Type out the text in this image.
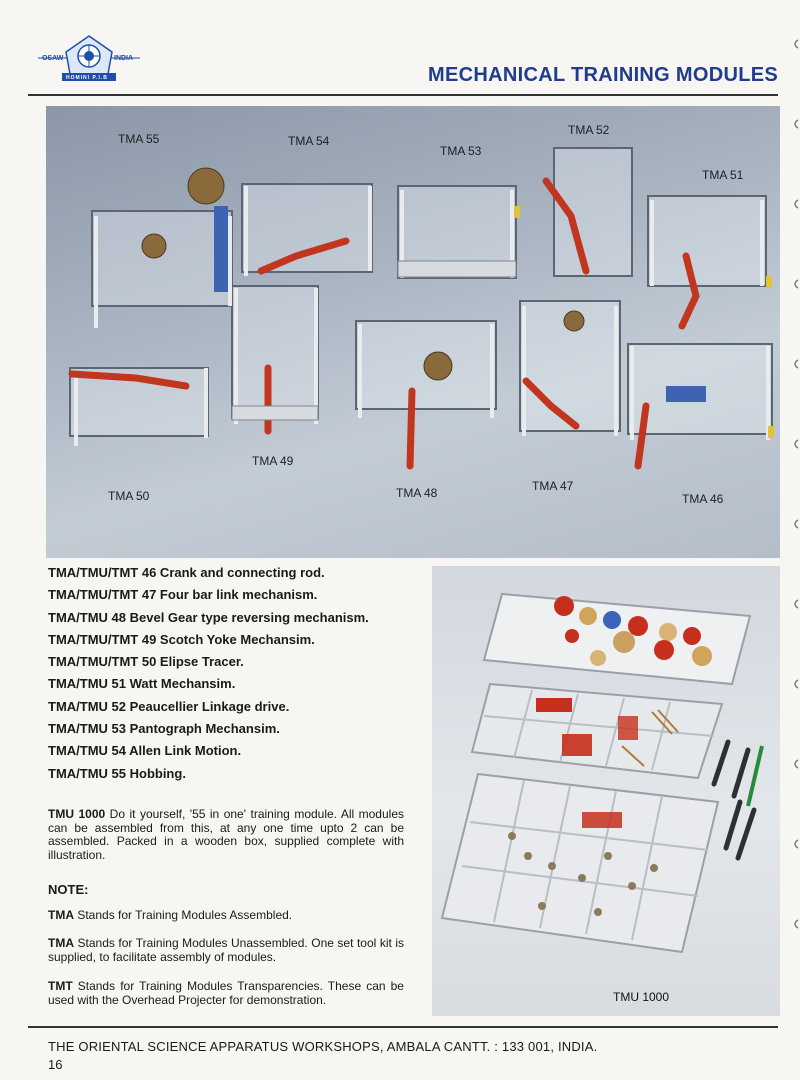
OSAW	INDIA
HOMINI P.I.B	MECHANICAL TRAINING MODULES
TMA 55	TMA 54
TMA 53
TMA 52
TMA 51
TMA 50
TMA 49
TMA 48	TMA 47
TMA 46
TMA/TMU/TMT 46 Crank and connecting rod.
TMA/TMU/TMT 47 Four bar link mechanism.
TMA/TMU 48 Bevel Gear type reversing mechanism.
TMA/TMU/TMT 49 Scotch Yoke Mechansim.
TMA/TMU/TMT 50 Elipse Tracer.
TMA/TMU 51 Watt Mechansim.
TMA/TMU 52 Peaucellier Linkage drive.
TMA/TMU 53 Pantograph Mechansim.
TMA/TMU 54 Allen Link Motion.
TMA/TMU 55 Hobbing.
TMU 1000 Do it yourself, '55 in one' training module. All modules can be assembled from this, at any one time upto 2 can be assembled. Packed in a wooden box, supplied complete with illustration.
NOTE:
TMA Stands for Training Modules Assembled.
TMA Stands for Training Modules Unassembled. One set tool kit is supplied, to facilitate assembly of modules.
TMT Stands for Training Modules Transparencies. These can be used with the Overhead Projecter for demonstration.	TMU 1000
THE ORIENTAL SCIENCE APPARATUS WORKSHOPS, AMBALA CANTT. : 133 001, INDIA.
16
